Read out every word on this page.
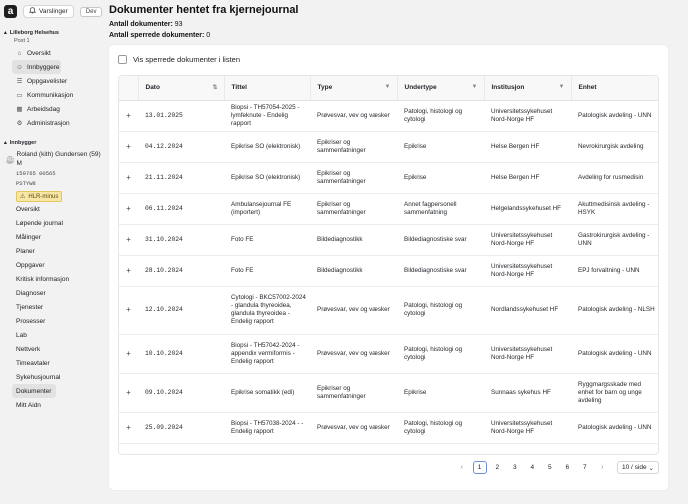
a	Varslinger	Dev
▴ Lilleborg Helsehus
Post 1
⌂ Oversikt
☺ Innbyggere
☰ Oppgavelister
▭ Kommunikasjon
▦ Arbeidsdag
⚙ Administrasjon
▴ Innbygger
RG
Roland (kith) Gundersen (59) M
150765 00565
PSTYW8
⚠ HLR-minus
Oversikt
Løpende journal
Målinger
Planer
Oppgaver
Kritisk informasjon
Diagnoser
Tjenester
Prosesser
Lab
Nettverk
Timeavtaler
Sykehusjournal
Dokumenter
Mitt Aidn
Dokumenter hentet fra kjernejournal
Antall dokumenter: 93
Antall sperrede dokumenter: 0
Vis sperrede dokumenter i listen
	Dato ⇅	Tittel	Type ▼	Undertype ▼	Institusjon ▼	Enhet
+	13.01.2025	Biopsi - TH57054-2025 - lymfeknute - Endelig rapport	Prøvesvar, vev og væsker	Patologi, histologi og cytologi	Universitetssykehuset Nord-Norge HF	Patologisk avdeling - UNN
+	04.12.2024	Epikrise SO (elektronisk)	Epikriser og sammenfatninger	Epikrise	Helse Bergen HF	Nevrokirurgisk avdeling
+	21.11.2024	Epikrise SO (elektronisk)	Epikriser og sammenfatninger	Epikrise	Helse Bergen HF	Avdeling for rusmedisin
+	06.11.2024	Ambulansejournal FE (importert)	Epikriser og sammenfatninger	Annet fagpersonell sammenfatning	Helgelandssykehuset HF	Akuttmedisinsk avdeling - HSYK
+	31.10.2024	Foto FE	Bildediagnostikk	Bildediagnostiske svar	Universitetssykehuset Nord-Norge HF	Gastrokirurgisk avdeling - UNN
+	28.10.2024	Foto FE	Bildediagnostikk	Bildediagnostiske svar	Universitetssykehuset Nord-Norge HF	EPJ forvaltning - UNN
+	12.10.2024	Cytologi - BKC57002-2024 - glandula thyreoidea, glandula thyreoidea - Endelig rapport	Prøvesvar, vev og væsker	Patologi, histologi og cytologi	Nordlandssykehuset HF	Patologisk avdeling - NLSH
+	10.10.2024	Biopsi - TH57042-2024 - appendix vermiformis - Endelig rapport	Prøvesvar, vev og væsker	Patologi, histologi og cytologi	Universitetssykehuset Nord-Norge HF	Patologisk avdeling - UNN
+	09.10.2024	Epikrise somatikk (edi)	Epikriser og sammenfatninger	Epikrise	Sunnaas sykehus HF	Ryggmargsskade med enhet for barn og unge avdeling
+	25.09.2024	Biopsi - TH57038-2024 - - Endelig rapport	Prøvesvar, vev og væsker	Patologi, histologi og cytologi	Universitetssykehuset Nord-Norge HF	Patologisk avdeling - UNN
‹	1	2	3	4	5	6	7	›	10 / side ⌄
